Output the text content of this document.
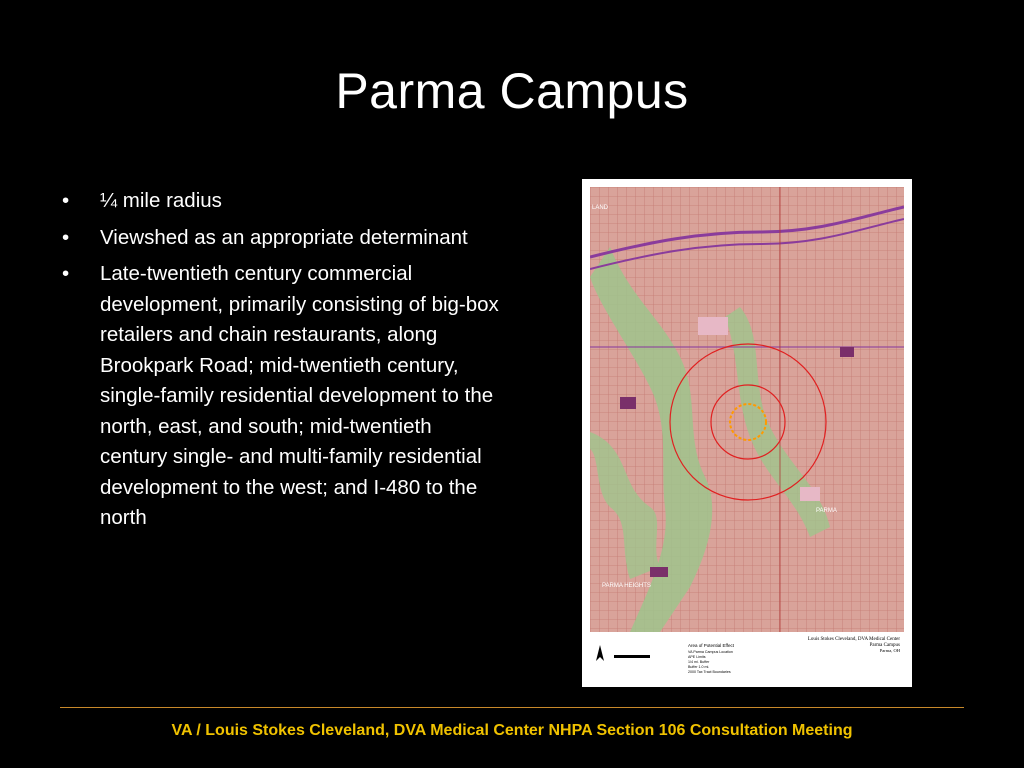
Parma Campus
• ¼ mile radius
• Viewshed as an appropriate determinant
• Late-twentieth century commercial development, primarily consisting of big-box retailers and chain restaurants, along Brookpark Road; mid-twentieth century, single-family residential development to the north, east, and south; mid-twentieth century single- and multi-family residential development to the west; and I-480 to the north	PARMA
PARMA HEIGHTS
LAND
Area of Potential Effect
VA Parma Campus Location
APE Limits
1/4 mi. Buffer
Buffer 1.0 mi.
2000 Tax Tract Boundaries
Louis Stokes Cleveland, DVA Medical Center
Parma Campus
Parma, OH
VA / Louis Stokes Cleveland, DVA Medical Center NHPA Section 106 Consultation Meeting
